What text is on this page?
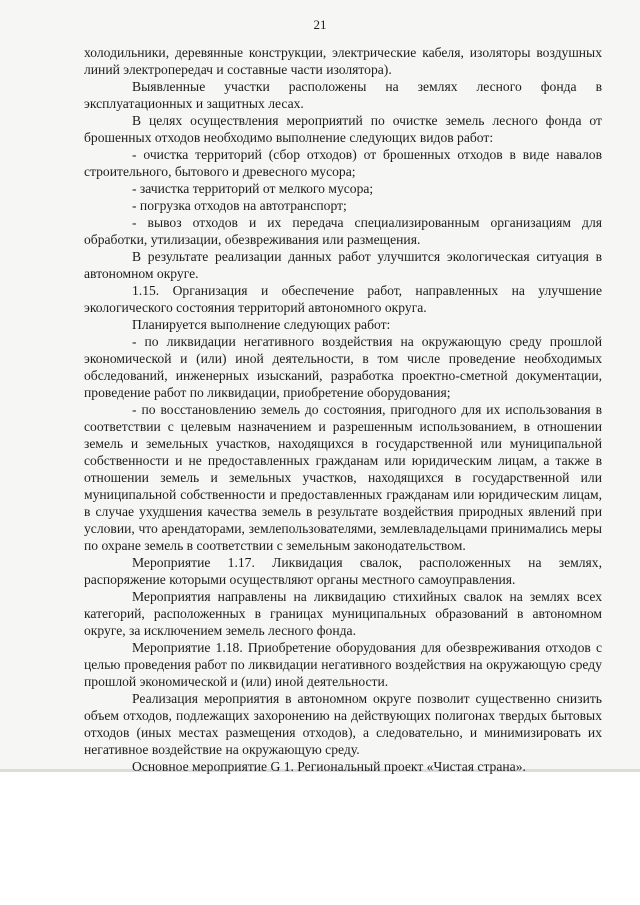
21

холодильники, деревянные конструкции, электрические кабеля, изоляторы воздушных линий электропередач и составные части изолятора).

Выявленные участки расположены на землях лесного фонда в эксплуатационных и защитных лесах.

В целях осуществления мероприятий по очистке земель лесного фонда от брошенных отходов необходимо выполнение следующих видов работ:

- очистка территорий (сбор отходов) от брошенных отходов в виде навалов строительного, бытового и древесного мусора;

- зачистка территорий от мелкого мусора;

- погрузка отходов на автотранспорт;

- вывоз отходов и их передача специализированным организациям для обработки, утилизации, обезвреживания или размещения.

В результате реализации данных работ улучшится экологическая ситуация в автономном округе.

1.15. Организация и обеспечение работ, направленных на улучшение экологического состояния территорий автономного округа.

Планируется выполнение следующих работ:

- по ликвидации негативного воздействия на окружающую среду прошлой экономической и (или) иной деятельности, в том числе проведение необходимых обследований, инженерных изысканий, разработка проектно-сметной документации, проведение работ по ликвидации, приобретение оборудования;

- по восстановлению земель до состояния, пригодного для их использования в соответствии с целевым назначением и разрешенным использованием, в отношении земель и земельных участков, находящихся в государственной или муниципальной собственности и не предоставленных гражданам или юридическим лицам, а также в отношении земель и земельных участков, находящихся в государственной или муниципальной собственности и предоставленных гражданам или юридическим лицам, в случае ухудшения качества земель в результате воздействия природных явлений при условии, что арендаторами, землепользователями, землевладельцами принимались меры по охране земель в соответствии с земельным законодательством.

Мероприятие 1.17. Ликвидация свалок, расположенных на землях, распоряжение которыми осуществляют органы местного самоуправления.

Мероприятия направлены на ликвидацию стихийных свалок на землях всех категорий, расположенных в границах муниципальных образований в автономном округе, за исключением земель лесного фонда.

Мероприятие 1.18. Приобретение оборудования для обезвреживания отходов с целью проведения работ по ликвидации негативного воздействия на окружающую среду прошлой экономической и (или) иной деятельности.

Реализация мероприятия в автономном округе позволит существенно снизить объем отходов, подлежащих захоронению на действующих полигонах твердых бытовых отходов (иных местах размещения отходов), а следовательно, и минимизировать их негативное воздействие на окружающую среду.

Основное мероприятие G 1. Региональный проект «Чистая страна».
